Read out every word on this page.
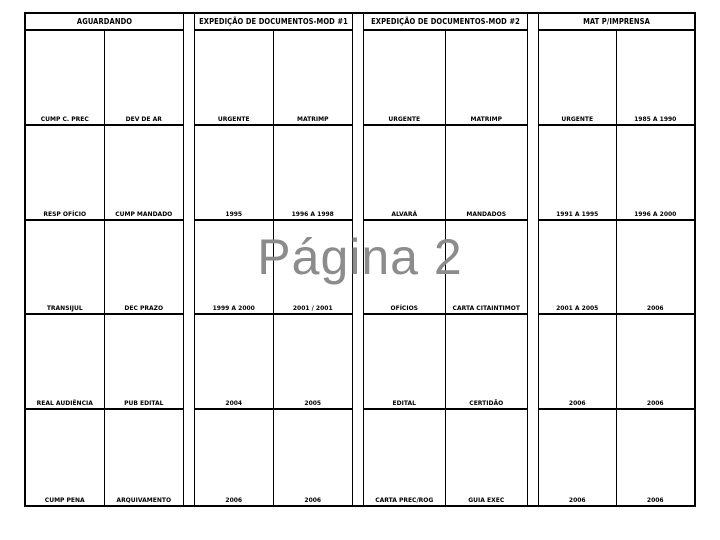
AGUARDANDO
CUMP C. PREC	DEV DE AR
RESP OFÍCIO	CUMP MANDADO
TRANSIJUL	DEC PRAZO
REAL AUDIÊNCIA	PUB EDITAL
CUMP PENA	ARQUIVAMENTO
EXPEDIÇÃO DE DOCUMENTOS-MOD #1
URGENTE	MATRIMP
1995	1996 A 1998
1999 A 2000	2001 / 2001
2004	2005
2006	2006
EXPEDIÇÃO DE DOCUMENTOS-MOD #2
URGENTE	MATRIMP
ALVARÁ	MANDADOS
OFÍCIOS	CARTA CITAINTIMOT
EDITAL	CERTIDÃO
CARTA PREC/ROG	GUIA EXEC
MAT P/IMPRENSA
URGENTE	1985 A 1990
1991 A 1995	1996 A 2000
2001 A 2005	2006
2006	2006
2006	2006
Página 2
